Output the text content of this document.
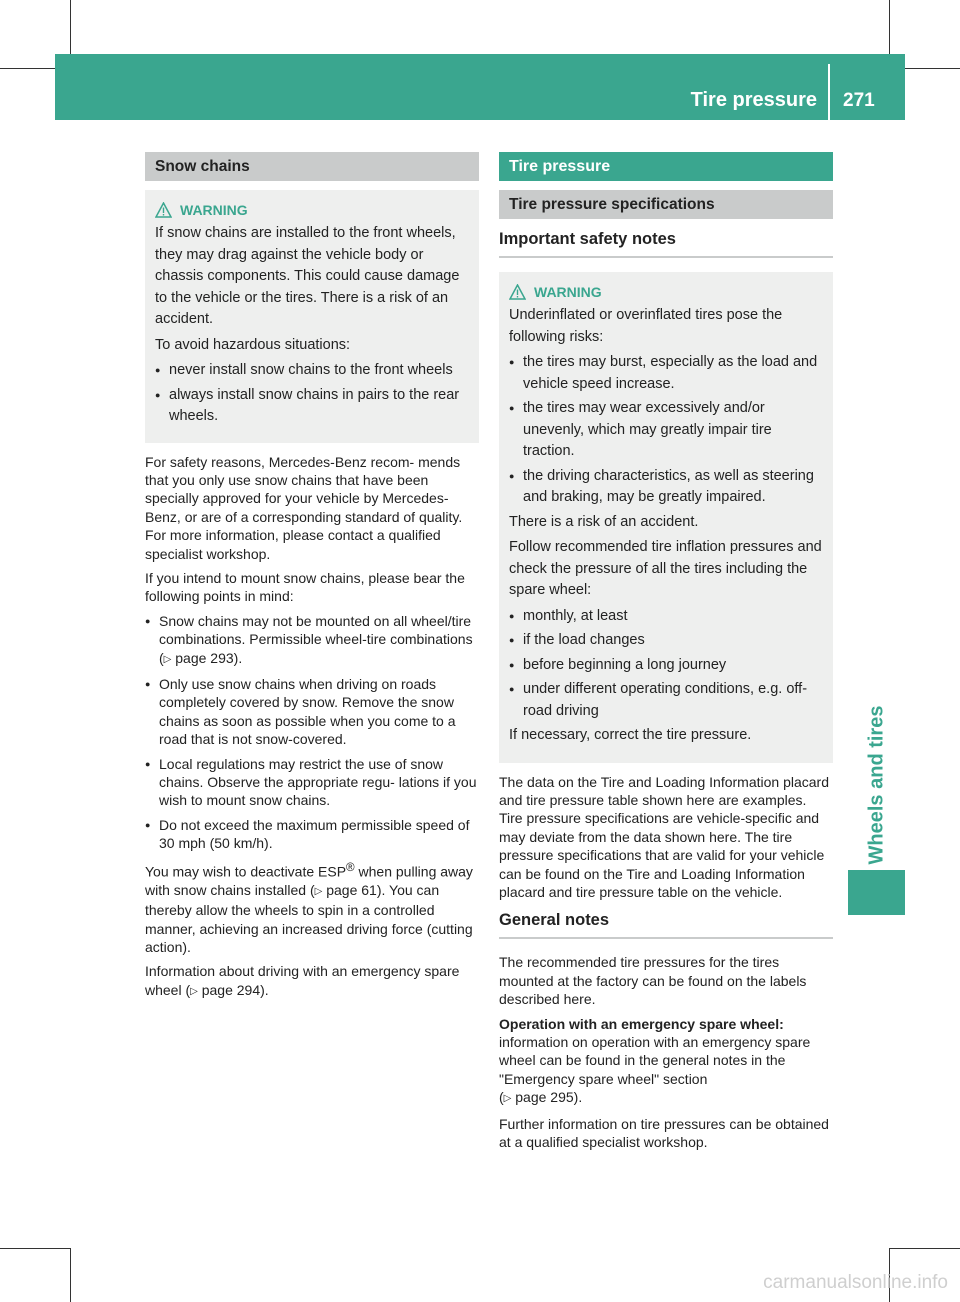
Tire pressure 271
Wheels and tires
Snow chains
WARNING

If snow chains are installed to the front wheels, they may drag against the vehicle body or chassis components. This could cause damage to the vehicle or the tires. There is a risk of an accident.

To avoid hazardous situations:

● never install snow chains to the front wheels

● always install snow chains in pairs to the rear wheels.

For safety reasons, Mercedes-Benz recom- mends that you only use snow chains that have been specially approved for your vehicle by Mercedes-Benz, or are of a corresponding standard of quality. For more information, please contact a qualified specialist workshop.

If you intend to mount snow chains, please bear the following points in mind:

● Snow chains may not be mounted on all wheel/tire combinations. Permissible wheel-tire combinations (▷ page 293).

● Only use snow chains when driving on roads completely covered by snow. Remove the snow chains as soon as possible when you come to a road that is not snow-covered.

● Local regulations may restrict the use of snow chains. Observe the appropriate regu- lations if you wish to mount snow chains.

● Do not exceed the maximum permissible speed of 30 mph (50 km/h).

You may wish to deactivate ESP® when pulling away with snow chains installed (▷ page 61). You can thereby allow the wheels to spin in a controlled manner, achieving an increased driving force (cutting action).

Information about driving with an emergency spare wheel (▷ page 294).

Tire pressure
Tire pressure specifications
Important safety notes
WARNING

Underinflated or overinflated tires pose the following risks:

● the tires may burst, especially as the load and vehicle speed increase.

● the tires may wear excessively and/or unevenly, which may greatly impair tire traction.

● the driving characteristics, as well as steering and braking, may be greatly impaired.

There is a risk of an accident.

Follow recommended tire inflation pressures and check the pressure of all the tires including the spare wheel:

● monthly, at least

● if the load changes

● before beginning a long journey

● under different operating conditions, e.g. off-road driving

If necessary, correct the tire pressure.

The data on the Tire and Loading Information placard and tire pressure table shown here are examples. Tire pressure specifications are vehicle-specific and may deviate from the data shown here. The tire pressure specifications that are valid for your vehicle can be found on the Tire and Loading Information placard and tire pressure table on the vehicle.

General notes

The recommended tire pressures for the tires mounted at the factory can be found on the labels described here.

Operation with an emergency spare wheel:

information on operation with an emergency spare wheel can be found in the general notes in the "Emergency spare wheel" section
(▷ page 295).

Further information on tire pressures can be obtained at a qualified specialist workshop.

carmanualsonline.info
